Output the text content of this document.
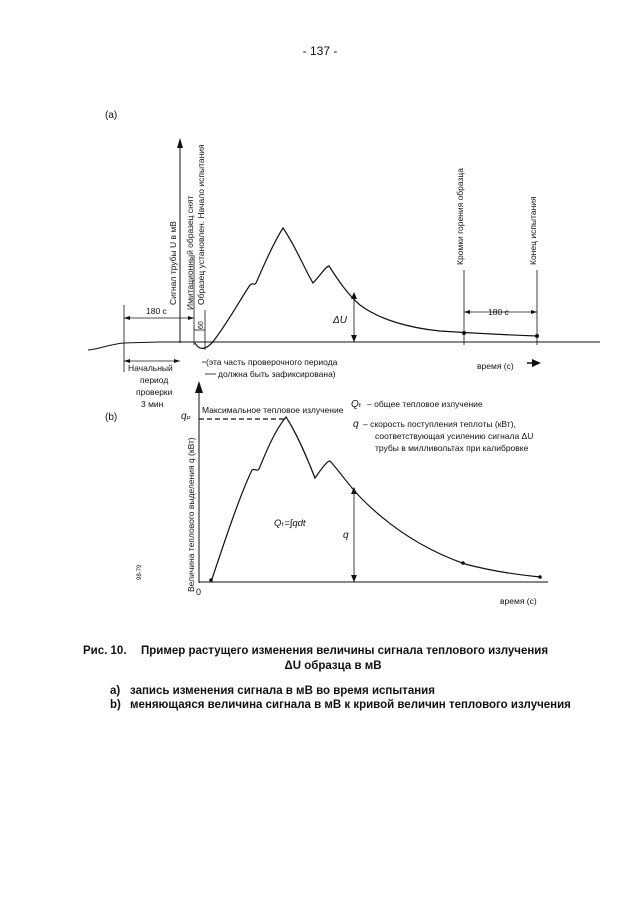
- 137 -
(a)
Сигнал трубы U в мВ Имитационный образец снят Образец установлен. Начало испытания	Кромки горения образца	Конец испытания
180 с
60
180 с
ΔU
Начальный
период
проверки
3 мин
(эта часть проверочного периода
должна быть зафиксирована)
время (с)
(b)
Величина теплового выделения q (кВт)
98-79
0
qₚ
Максимальное тепловое излучение Qₜ – общее тепловое излучение
q – скорость поступления теплоты (кВт),
соответствующая усилению сигнала ΔU
трубы в милливольтах при калибровке
q
Qₜ=∫qdt
время (с)
Рис. 10. Пример растущего изменения величины сигнала теплового излучения
ΔU образца в мВ
a) запись изменения сигнала в мВ во время испытания
b) меняющаяся величина сигнала в мВ к кривой величин теплового излучения
